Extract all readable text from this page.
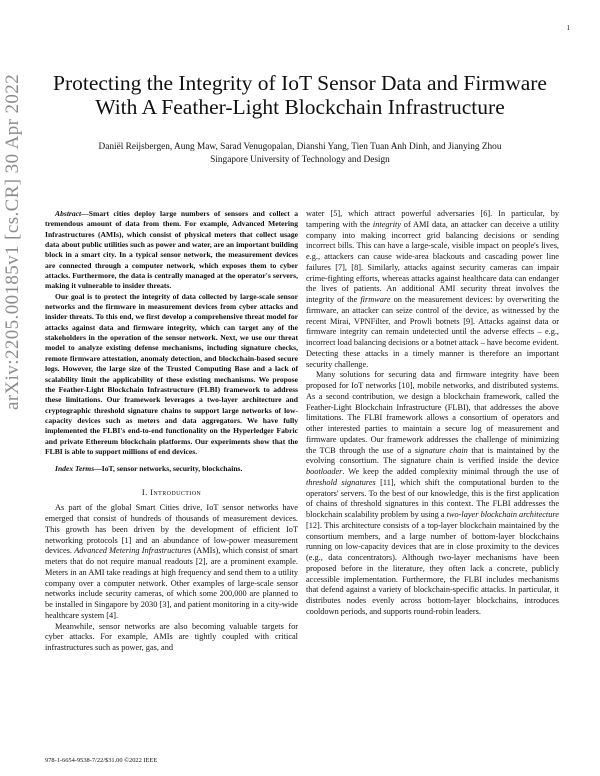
1
arXiv:2205.00185v1 [cs.CR] 30 Apr 2022	Protecting the Integrity of IoT Sensor Data and Firmware With A Feather-Light Blockchain Infrastructure
Daniël Reijsbergen, Aung Maw, Sarad Venugopalan, Dianshi Yang, Tien Tuan Anh Dinh, and Jianying Zhou
Singapore University of Technology and Design

Abstract—Smart cities deploy large numbers of sensors and collect a tremendous amount of data from them. For example, Advanced Metering Infrastructures (AMIs), which consist of physical meters that collect usage data about public utilities such as power and water, are an important building block in a smart city. In a typical sensor network, the measurement devices are connected through a computer network, which exposes them to cyber attacks. Furthermore, the data is centrally managed at the operator's servers, making it vulnerable to insider threats.

Our goal is to protect the integrity of data collected by large-scale sensor networks and the firmware in measurement devices from cyber attacks and insider threats. To this end, we first develop a comprehensive threat model for attacks against data and firmware integrity, which can target any of the stakeholders in the operation of the sensor network. Next, we use our threat model to analyze existing defense mechanisms, including signature checks, remote firmware attestation, anomaly detection, and blockchain-based secure logs. However, the large size of the Trusted Computing Base and a lack of scalability limit the applicability of these existing mechanisms. We propose the Feather-Light Blockchain Infrastructure (FLBI) framework to address these limitations. Our framework leverages a two-layer architecture and cryptographic threshold signature chains to support large networks of low-capacity devices such as meters and data aggregators. We have fully implemented the FLBI's end-to-end functionality on the Hyperledger Fabric and private Ethereum blockchain platforms. Our experiments show that the FLBI is able to support millions of end devices.

Index Terms—IoT, sensor networks, security, blockchains.

I. Introduction

As part of the global Smart Cities drive, IoT sensor networks have emerged that consist of hundreds of thousands of measurement devices. This growth has been driven by the development of efficient IoT networking protocols [1] and an abundance of low-power measurement devices. Advanced Metering Infrastructures (AMIs), which consist of smart meters that do not require manual readouts [2], are a prominent example. Meters in an AMI take readings at high frequency and send them to a utility company over a computer network. Other examples of large-scale sensor networks include security cameras, of which some 200,000 are planned to be installed in Singapore by 2030 [3], and patient monitoring in a city-wide healthcare system [4].

Meanwhile, sensor networks are also becoming valuable targets for cyber attacks. For example, AMIs are tightly coupled with critical infrastructures such as power, gas, and

water [5], which attract powerful adversaries [6]. In particular, by tampering with the integrity of AMI data, an attacker can deceive a utility company into making incorrect grid balancing decisions or sending incorrect bills. This can have a large-scale, visible impact on people's lives, e.g., attackers can cause wide-area blackouts and cascading power line failures [7], [8]. Similarly, attacks against security cameras can impair crime-fighting efforts, whereas attacks against healthcare data can endanger the lives of patients. An additional AMI security threat involves the integrity of the firmware on the measurement devices: by overwriting the firmware, an attacker can seize control of the device, as witnessed by the recent Mirai, VPNFilter, and Prowli botnets [9]. Attacks against data or firmware integrity can remain undetected until the adverse effects – e.g., incorrect load balancing decisions or a botnet attack – have become evident. Detecting these attacks in a timely manner is therefore an important security challenge.

Many solutions for securing data and firmware integrity have been proposed for IoT networks [10], mobile networks, and distributed systems. As a second contribution, we design a blockchain framework, called the Feather-Light Blockchain Infrastructure (FLBI), that addresses the above limitations. The FLBI framework allows a consortium of operators and other interested parties to maintain a secure log of measurement and firmware updates. Our framework addresses the challenge of minimizing the TCB through the use of a signature chain that is maintained by the evolving consortium. The signature chain is verified inside the device bootloader. We keep the added complexity minimal through the use of threshold signatures [11], which shift the computational burden to the operators' servers. To the best of our knowledge, this is the first application of chains of threshold signatures in this context. The FLBI addresses the blockchain scalability problem by using a two-layer blockchain architecture [12]. This architecture consists of a top-layer blockchain maintained by the consortium members, and a large number of bottom-layer blockchains running on low-capacity devices that are in close proximity to the devices (e.g., data concentrators). Although two-layer mechanisms have been proposed before in the literature, they often lack a concrete, publicly accessible implementation. Furthermore, the FLBI includes mechanisms that defend against a variety of blockchain-specific attacks. In particular, it distributes nodes evenly across bottom-layer blockchains, introduces cooldown periods, and supports round-robin leaders.

978-1-6654-9538-7/22/$31.00 ©2022 IEEE
